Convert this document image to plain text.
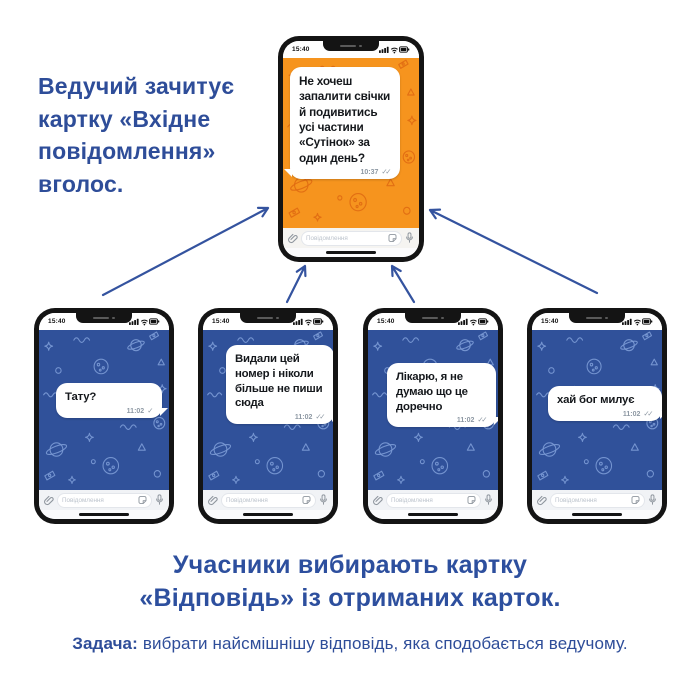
Ведучий зачитує картку «Вхідне повідомлення» вголос.
15:40
Не хочеш запалити свічки й подивитись усі частини «Сутінок» за один день?
10:37 ✓✓
Повідомлення
15:40
Тату?
11:02 ✓
Повідомлення
15:40
Видали цей номер і ніколи більше не пиши сюда
11:02 ✓✓
Повідомлення
15:40
Лікарю, я не думаю що це доречно
11:02 ✓✓
Повідомлення
15:40
хай бог милує
11:02 ✓✓
Повідомлення
Учасники вибирають картку «Відповідь» із отриманих карток.
Задача: вибрати найсмішнішу відповідь, яка сподобається ведучому.
